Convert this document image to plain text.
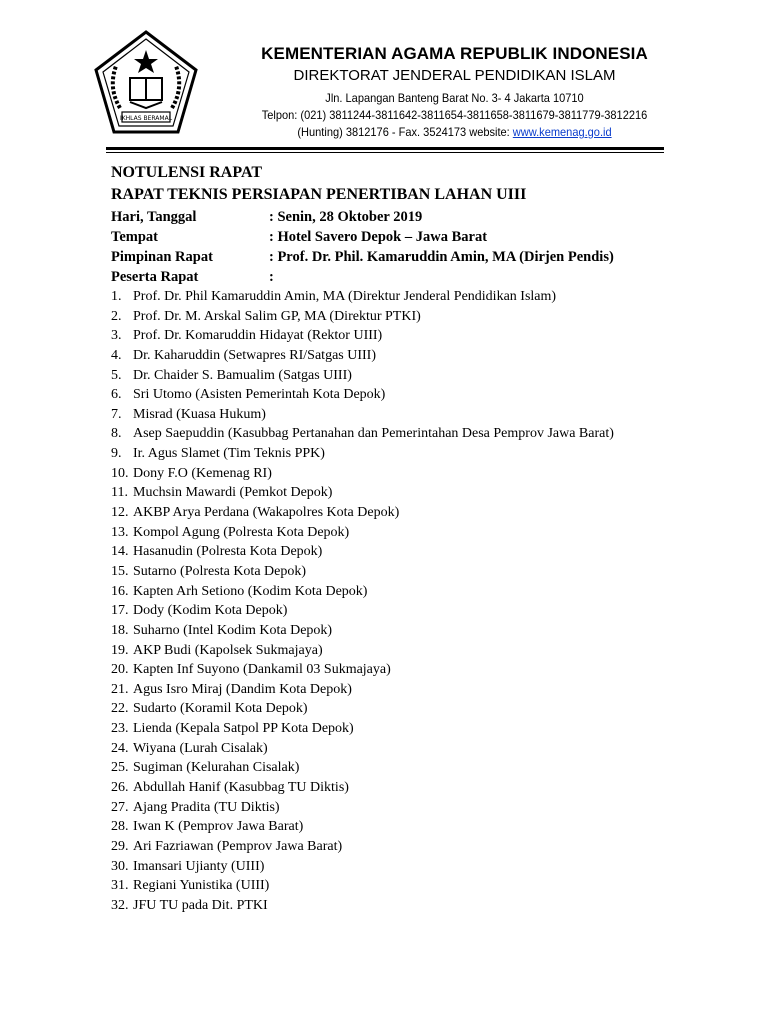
IKHLAS BERAMAL
KEMENTERIAN AGAMA REPUBLIK INDONESIA
DIREKTORAT JENDERAL PENDIDIKAN ISLAM
Jln. Lapangan Banteng Barat No. 3- 4 Jakarta 10710
Telpon: (021) 3811244-3811642-3811654-3811658-3811679-3811779-3812216
(Hunting) 3812176 - Fax. 3524173 website: www.kemenag.go.id
NOTULENSI RAPAT
RAPAT TEKNIS PERSIAPAN PENERTIBAN LAHAN UIII
Hari, Tanggal	: Senin, 28 Oktober 2019
Tempat	: Hotel Savero Depok – Jawa Barat
Pimpinan Rapat	: Prof. Dr. Phil. Kamaruddin Amin, MA (Dirjen Pendis)
Peserta Rapat	:
1. Prof. Dr. Phil Kamaruddin Amin, MA (Direktur Jenderal Pendidikan Islam)
2. Prof. Dr. M. Arskal Salim GP, MA (Direktur PTKI)
3. Prof. Dr. Komaruddin Hidayat (Rektor UIII)
4. Dr. Kaharuddin (Setwapres RI/Satgas UIII)
5. Dr. Chaider S. Bamualim (Satgas UIII)
6. Sri Utomo (Asisten Pemerintah Kota Depok)
7. Misrad (Kuasa Hukum)
8. Asep Saepuddin (Kasubbag Pertanahan dan Pemerintahan Desa Pemprov Jawa Barat)
9. Ir. Agus Slamet (Tim Teknis PPK)
10. Dony F.O (Kemenag RI)
11. Muchsin Mawardi (Pemkot Depok)
12. AKBP Arya Perdana (Wakapolres Kota Depok)
13. Kompol Agung (Polresta Kota Depok)
14. Hasanudin (Polresta Kota Depok)
15. Sutarno (Polresta Kota Depok)
16. Kapten Arh Setiono (Kodim Kota Depok)
17. Dody (Kodim Kota Depok)
18. Suharno (Intel Kodim Kota Depok)
19. AKP Budi (Kapolsek Sukmajaya)
20. Kapten Inf Suyono (Dankamil 03 Sukmajaya)
21. Agus Isro Miraj (Dandim Kota Depok)
22. Sudarto (Koramil Kota Depok)
23. Lienda (Kepala Satpol PP Kota Depok)
24. Wiyana (Lurah Cisalak)
25. Sugiman (Kelurahan Cisalak)
26. Abdullah Hanif (Kasubbag TU Diktis)
27. Ajang Pradita (TU Diktis)
28. Iwan K (Pemprov Jawa Barat)
29. Ari Fazriawan (Pemprov Jawa Barat)
30. Imansari Ujianty (UIII)
31. Regiani Yunistika (UIII)
32. JFU TU pada Dit. PTKI
